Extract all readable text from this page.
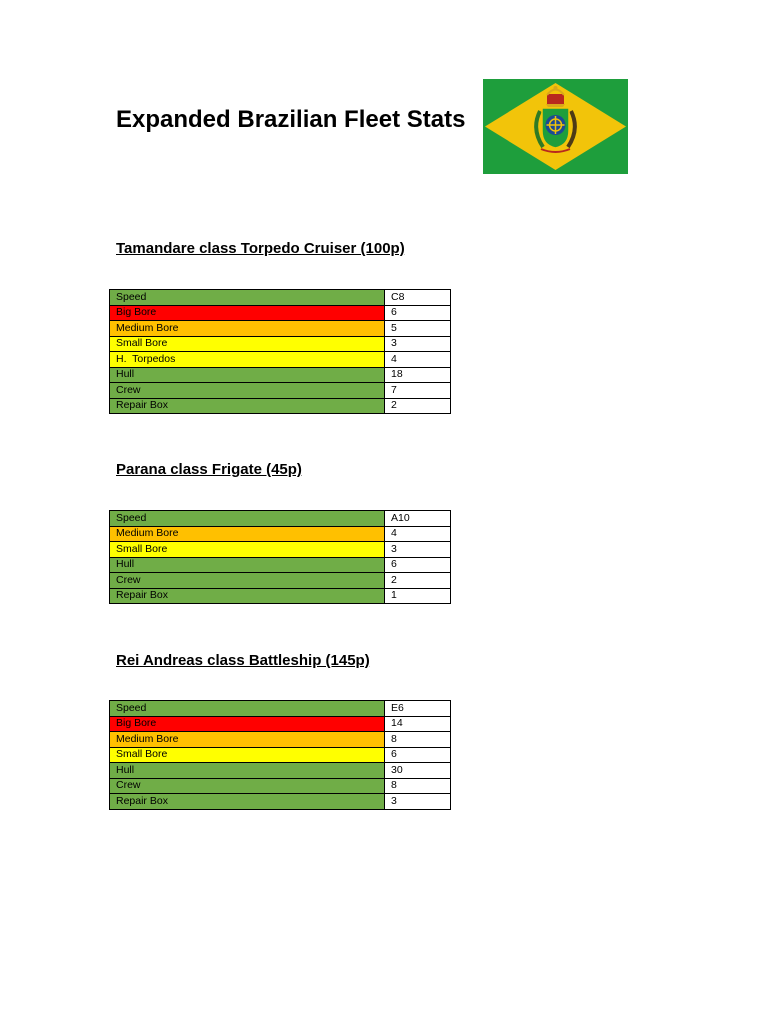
Expanded Brazilian Fleet Stats
Tamandare class Torpedo Cruiser (100p)
Speed	C8
Big Bore	6
Medium Bore	5
Small Bore	3
H.  Torpedos	4
Hull	18
Crew	7
Repair Box	2
Parana class Frigate (45p)
Speed	A10
Medium Bore	4
Small Bore	3
Hull	6
Crew	2
Repair Box	1
Rei Andreas class Battleship (145p)
Speed	E6
Big Bore	14
Medium Bore	8
Small Bore	6
Hull	30
Crew	8
Repair Box	3
